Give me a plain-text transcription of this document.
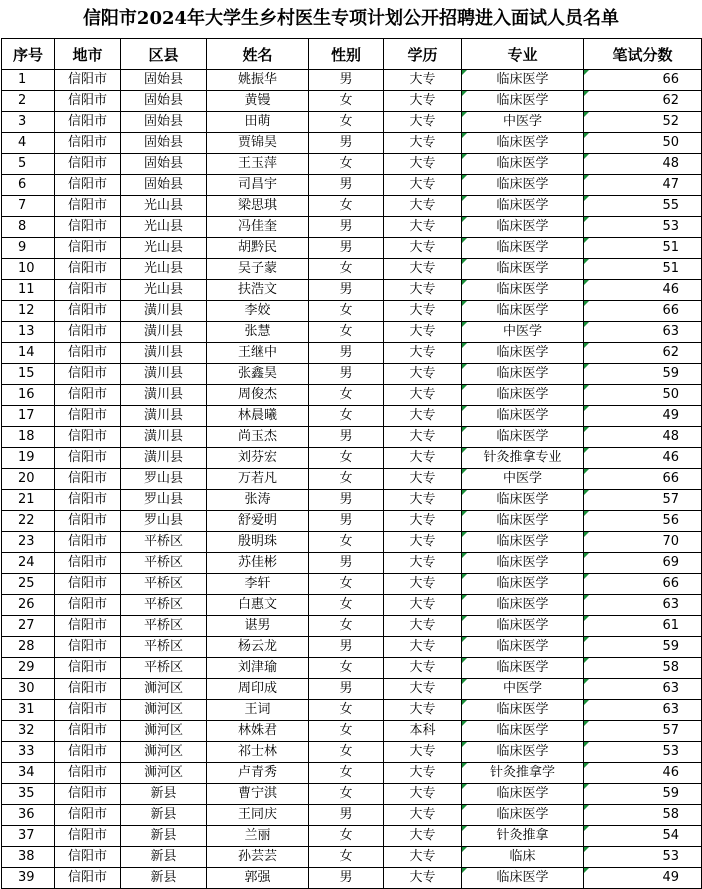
信阳市2024年大学生乡村医生专项计划公开招聘进入面试人员名单
序号	地市	区县	姓名	性别	学历	专业	笔试分数
1	信阳市	固始县	姚振华	男	大专	临床医学	66
2	信阳市	固始县	黄镘	女	大专	临床医学	62
3	信阳市	固始县	田萌	女	大专	中医学	52
4	信阳市	固始县	贾锦昊	男	大专	临床医学	50
5	信阳市	固始县	王玉萍	女	大专	临床医学	48
6	信阳市	固始县	司昌宇	男	大专	临床医学	47
7	信阳市	光山县	梁思琪	女	大专	临床医学	55
8	信阳市	光山县	冯佳奎	男	大专	临床医学	53
9	信阳市	光山县	胡黔民	男	大专	临床医学	51
10	信阳市	光山县	吴子蒙	女	大专	临床医学	51
11	信阳市	光山县	扶浩文	男	大专	临床医学	46
12	信阳市	潢川县	李姣	女	大专	临床医学	66
13	信阳市	潢川县	张慧	女	大专	中医学	63
14	信阳市	潢川县	王继中	男	大专	临床医学	62
15	信阳市	潢川县	张鑫昊	男	大专	临床医学	59
16	信阳市	潢川县	周俊杰	女	大专	临床医学	50
17	信阳市	潢川县	林晨曦	女	大专	临床医学	49
18	信阳市	潢川县	尚玉杰	男	大专	临床医学	48
19	信阳市	潢川县	刘芬宏	女	大专	针灸推拿专业	46
20	信阳市	罗山县	万若凡	女	大专	中医学	66
21	信阳市	罗山县	张涛	男	大专	临床医学	57
22	信阳市	罗山县	舒爱明	男	大专	临床医学	56
23	信阳市	平桥区	殷明珠	女	大专	临床医学	70
24	信阳市	平桥区	苏佳彬	男	大专	临床医学	69
25	信阳市	平桥区	李轩	女	大专	临床医学	66
26	信阳市	平桥区	白惠文	女	大专	临床医学	63
27	信阳市	平桥区	谌男	女	大专	临床医学	61
28	信阳市	平桥区	杨云龙	男	大专	临床医学	59
29	信阳市	平桥区	刘津瑜	女	大专	临床医学	58
30	信阳市	浉河区	周印成	男	大专	中医学	63
31	信阳市	浉河区	王词	女	大专	临床医学	63
32	信阳市	浉河区	林姝君	女	本科	临床医学	57
33	信阳市	浉河区	祁士林	女	大专	临床医学	53
34	信阳市	浉河区	卢青秀	女	大专	针灸推拿学	46
35	信阳市	新县	曹宁淇	女	大专	临床医学	59
36	信阳市	新县	王同庆	男	大专	临床医学	58
37	信阳市	新县	兰丽	女	大专	针灸推拿	54
38	信阳市	新县	孙芸芸	女	大专	临床	53
39	信阳市	新县	郭强	男	大专	临床医学	49
